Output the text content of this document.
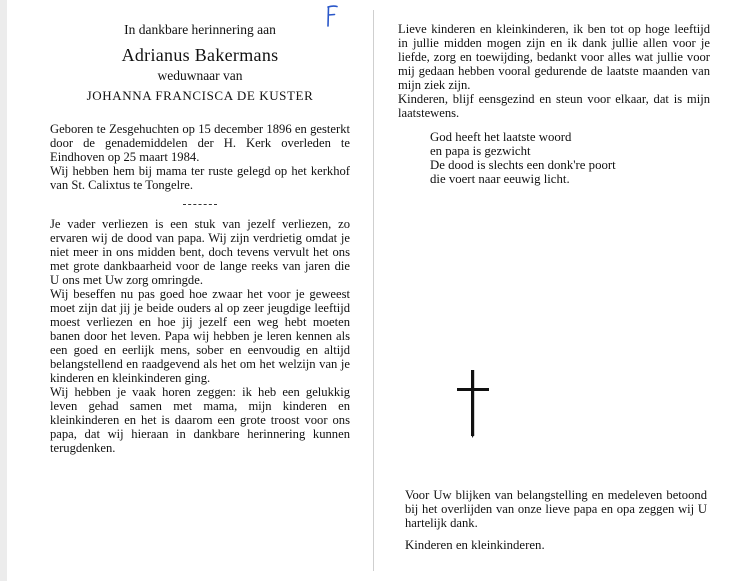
In dankbare herinnering aan
Adrianus Bakermans
weduwnaar van
JOHANNA FRANCISCA DE KUSTER

Geboren te Zesgehuchten op 15 december 1896 en gesterkt door de genademiddelen der H. Kerk overleden te Eindhoven op 25 maart 1984.

Wij hebben hem bij mama ter ruste gelegd op het kerkhof van St. Calixtus te Tongelre.

Je vader verliezen is een stuk van jezelf verliezen, zo ervaren wij de dood van papa. Wij zijn verdrietig omdat je niet meer in ons midden bent, doch tevens vervult het ons met grote dankbaarheid voor de lange reeks van jaren die U ons met Uw zorg omringde.

Wij beseffen nu pas goed hoe zwaar het voor je geweest moet zijn dat jij je beide ouders al op zeer jeugdige leeftijd moest verliezen en hoe jij jezelf een weg hebt moeten banen door het leven. Papa wij hebben je leren kennen als een goed en eerlijk mens, sober en eenvoudig en altijd belangstellend en raadgevend als het om het welzijn van je kinderen en kleinkinderen ging.

Wij hebben je vaak horen zeggen: ik heb een gelukkig leven gehad samen met mama, mijn kinderen en kleinkinderen en het is daarom een grote troost voor ons papa, dat wij hieraan in dankbare herinnering kunnen terugdenken.

Lieve kinderen en kleinkinderen, ik ben tot op hoge leeftijd in jullie midden mogen zijn en ik dank jullie allen voor je liefde, zorg en toewijding, bedankt voor alles wat jullie voor mij gedaan hebben vooral gedurende de laatste maanden van mijn ziek zijn.

Kinderen, blijf eensgezind en steun voor elkaar, dat is mijn laatstewens.

God heeft het laatste woord
en papa is gezwicht
De dood is slechts een donk're poort
die voert naar eeuwig licht.

Voor Uw blijken van belangstelling en medeleven betoond bij het overlijden van onze lieve papa en opa zeggen wij U hartelijk dank.

Kinderen en kleinkinderen.
